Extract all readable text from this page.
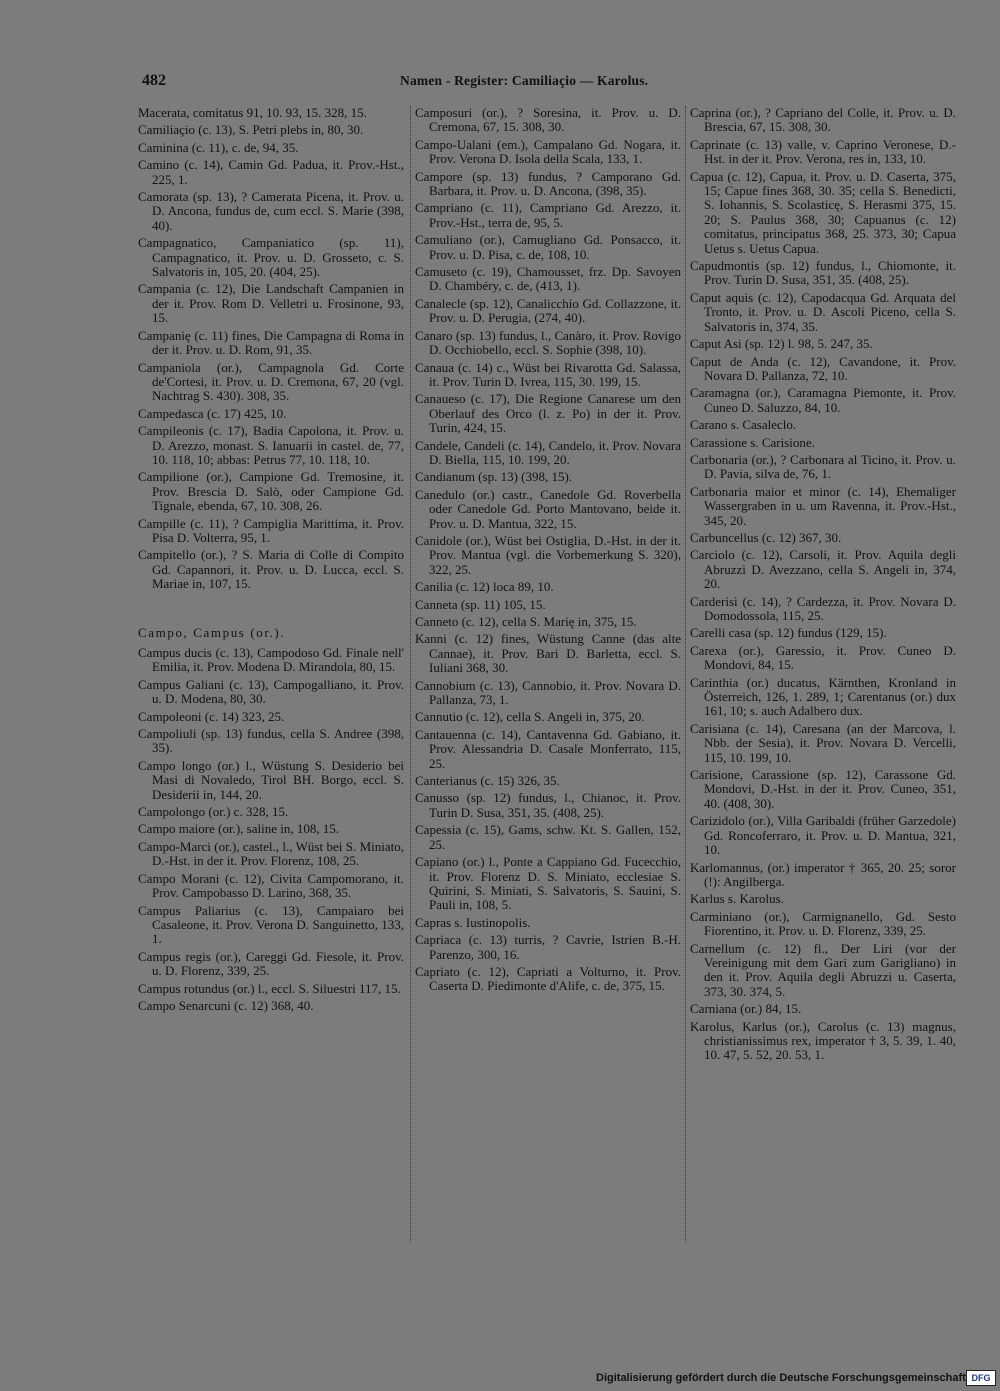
482	Namen - Register: Camiliaçio — Karolus.
Macerata, comitatus 91, 10. 93, 15. 328, 15.
Camiliaçio (c. 13), S. Petri plebs in, 80, 30.
Caminina (c. 11), c. de, 94, 35.
Camino (c. 14), Camin Gd. Padua, it. Prov.-Hst., 225, 1.
Camorata (sp. 13), ? Camerata Picena, it. Prov. u. D. Ancona, fundus de, cum eccl. S. Marie (398, 40).
Campagnatico, Campaniatico (sp. 11), Campagnatico, it. Prov. u. D. Grosseto, c. S. Salvatoris in, 105, 20. (404, 25).
Campania (c. 12), Die Landschaft Campanien in der it. Prov. Rom D. Velletri u. Frosinone, 93, 15.
Campanię (c. 11) fines, Die Campagna di Roma in der it. Prov. u. D. Rom, 91, 35.
Campaniola (or.), Campagnola Gd. Corte de'Cortesi, it. Prov. u. D. Cremona, 67, 20 (vgl. Nachtrag S. 430). 308, 35.
Campedasca (c. 17) 425, 10.
Campileonis (c. 17), Badia Capolona, it. Prov. u. D. Arezzo, monast. S. Ianuarii in castel. de, 77, 10. 118, 10; abbas: Petrus 77, 10. 118, 10.
Campilione (or.), Campione Gd. Tremosine, it. Prov. Brescia D. Salò, oder Campione Gd. Tignale, ebenda, 67, 10. 308, 26.
Campille (c. 11), ? Campiglia Marittima, it. Prov. Pisa D. Volterra, 95, 1.
Campitello (or.), ? S. Maria di Colle di Compito Gd. Capannori, it. Prov. u. D. Lucca, eccl. S. Mariae in, 107, 15.
Campo, Campus (or.).
Campus ducis (c. 13), Campodoso Gd. Finale nell' Emilia, it. Prov. Modena D. Mirandola, 80, 15.
Campus Galiani (c. 13), Campogalliano, it. Prov. u. D. Modena, 80, 30.
Campoleoni (c. 14) 323, 25.
Campoliuli (sp. 13) fundus, cella S. Andree (398, 35).
Campo longo (or.) l., Wüstung S. Desiderio bei Masi di Novaledo, Tirol BH. Borgo, eccl. S. Desiderii in, 144, 20.
Campolongo (or.) c. 328, 15.
Campo maiore (or.), saline in, 108, 15.
Campo-Marci (or.), castel., l., Wüst bei S. Miniato, D.-Hst. in der it. Prov. Florenz, 108, 25.
Campo Morani (c. 12), Civita Campomorano, it. Prov. Campobasso D. Larino, 368, 35.
Campus Paliarius (c. 13), Campaiaro bei Casaleone, it. Prov. Verona D. Sanguinetto, 133, 1.
Campus regis (or.), Careggi Gd. Fiesole, it. Prov. u. D. Florenz, 339, 25.
Campus rotundus (or.) l., eccl. S. Siluestri 117, 15.
Campo Senarcuni (c. 12) 368, 40.
Camposuri (or.), ? Soresina, it. Prov. u. D. Cremona, 67, 15. 308, 30.
Campo-Ualani (em.), Campalano Gd. Nogara, it. Prov. Verona D. Isola della Scala, 133, 1.
Campore (sp. 13) fundus, ? Camporano Gd. Barbara, it. Prov. u. D. Ancona, (398, 35).
Campriano (c. 11), Campriano Gd. Arezzo, it. Prov.-Hst., terra de, 95, 5.
Camuliano (or.), Camugliano Gd. Ponsacco, it. Prov. u. D. Pisa, c. de, 108, 10.
Camuseto (c. 19), Chamousset, frz. Dp. Savoyen D. Chambéry, c. de, (413, 1).
Canalecle (sp. 12), Canalicchio Gd. Collazzone, it. Prov. u. D. Perugia, (274, 40).
Canaro (sp. 13) fundus, l., Canàro, it. Prov. Rovigo D. Occhiobello, eccl. S. Sophie (398, 10).
Canaua (c. 14) c., Wüst bei Rivarotta Gd. Salassa, it. Prov. Turin D. Ivrea, 115, 30. 199, 15.
Canaueso (c. 17), Die Regione Canarese um den Oberlauf des Orco (l. z. Po) in der it. Prov. Turin, 424, 15.
Candele, Candeli (c. 14), Candelo, it. Prov. Novara D. Biella, 115, 10. 199, 20.
Candianum (sp. 13) (398, 15).
Canedulo (or.) castr., Canedole Gd. Roverbella oder Canedole Gd. Porto Mantovano, beide it. Prov. u. D. Mantua, 322, 15.
Canidole (or.), Wüst bei Ostiglia, D.-Hst. in der it. Prov. Mantua (vgl. die Vorbemerkung S. 320), 322, 25.
Canilia (c. 12) loca 89, 10.
Canneta (sp. 11) 105, 15.
Canneto (c. 12), cella S. Marię in, 375, 15.
Kanni (c. 12) fines, Wüstung Canne (das alte Cannae), it. Prov. Bari D. Barletta, eccl. S. Iuliani 368, 30.
Cannobium (c. 13), Cannobio, it. Prov. Novara D. Pallanza, 73, 1.
Cannutio (c. 12), cella S. Angeli in, 375, 20.
Cantauenna (c. 14), Cantavenna Gd. Gabiano, it. Prov. Alessandria D. Casale Monferrato, 115, 25.
Canterianus (c. 15) 326, 35.
Canusso (sp. 12) fundus, l., Chianoc, it. Prov. Turin D. Susa, 351, 35. (408, 25).
Capessia (c. 15), Gams, schw. Kt. S. Gallen, 152, 25.
Capiano (or.) l., Ponte a Cappiano Gd. Fucecchio, it. Prov. Florenz D. S. Miniato, ecclesiae S. Quirini, S. Miniati, S. Salvatoris, S. Sauini, S. Pauli in, 108, 5.
Capras s. Iustinopolis.
Capriaca (c. 13) turris, ? Cavrie, Istrien B.-H. Parenzo, 300, 16.
Capriato (c. 12), Capriati a Volturno, it. Prov. Caserta D. Piedimonte d'Alife, c. de, 375, 15.
Caprina (or.), ? Capriano del Colle, it. Prov. u. D. Brescia, 67, 15. 308, 30.
Caprinate (c. 13) valle, v. Caprino Veronese, D.-Hst. in der it. Prov. Verona, res in, 133, 10.
Capua (c. 12), Capua, it. Prov. u. D. Caserta, 375, 15; Capue fines 368, 30. 35; cella S. Benedicti, S. Iohannis, S. Scolasticę, S. Herasmi 375, 15. 20; S. Paulus 368, 30; Capuanus (c. 12) comitatus, principatus 368, 25. 373, 30; Capua Uetus s. Uetus Capua.
Capudmontis (sp. 12) fundus, l., Chiomonte, it. Prov. Turin D. Susa, 351, 35. (408, 25).
Caput aquis (c. 12), Capodacqua Gd. Arquata del Tronto, it. Prov. u. D. Ascoli Piceno, cella S. Salvatoris in, 374, 35.
Caput Asi (sp. 12) l. 98, 5. 247, 35.
Caput de Anda (c. 12), Cavandone, it. Prov. Novara D. Pallanza, 72, 10.
Caramagna (or.), Caramagna Piemonte, it. Prov. Cuneo D. Saluzzo, 84, 10.
Carano s. Casaleclo.
Carassione s. Carisione.
Carbonaria (or.), ? Carbonara al Ticino, it. Prov. u. D. Pavia, silva de, 76, 1.
Carbonaria maior et minor (c. 14), Ehemaliger Wassergraben in u. um Ravenna, it. Prov.-Hst., 345, 20.
Carbuncellus (c. 12) 367, 30.
Carciolo (c. 12), Carsoli, it. Prov. Aquila degli Abruzzi D. Avezzano, cella S. Angeli in, 374, 20.
Carderisi (c. 14), ? Cardezza, it. Prov. Novara D. Domodossola, 115, 25.
Carelli casa (sp. 12) fundus (129, 15).
Carexa (or.), Garessio, it. Prov. Cuneo D. Mondovi, 84, 15.
Carinthia (or.) ducatus, Kärnthen, Kronland in Österreich, 126, 1. 289, 1; Carentanus (or.) dux 161, 10; s. auch Adalbero dux.
Carisiana (c. 14), Caresana (an der Marcova, l. Nbb. der Sesia), it. Prov. Novara D. Vercelli, 115, 10. 199, 10.
Carisione, Carassione (sp. 12), Carassone Gd. Mondovi, D.-Hst. in der it. Prov. Cuneo, 351, 40. (408, 30).
Carizidolo (or.), Villa Garibaldi (früher Garzedole) Gd. Roncoferraro, it. Prov. u. D. Mantua, 321, 10.
Karlomannus, (or.) imperator † 365, 20. 25; soror (!): Angilberga.
Karlus s. Karolus.
Carminiano (or.), Carmignanello, Gd. Sesto Fiorentino, it. Prov. u. D. Florenz, 339, 25.
Carnellum (c. 12) fl., Der Liri (vor der Vereinigung mit dem Gari zum Garigliano) in den it. Prov. Aquila degli Abruzzi u. Caserta, 373, 30. 374, 5.
Carniana (or.) 84, 15.
Karolus, Karlus (or.), Carolus (c. 13) magnus, christianissimus rex, imperator † 3, 5. 39, 1. 40, 10. 47, 5. 52, 20. 53, 1.
Digitalisierung gefördert durch die Deutsche Forschungsgemeinschaft DFG
